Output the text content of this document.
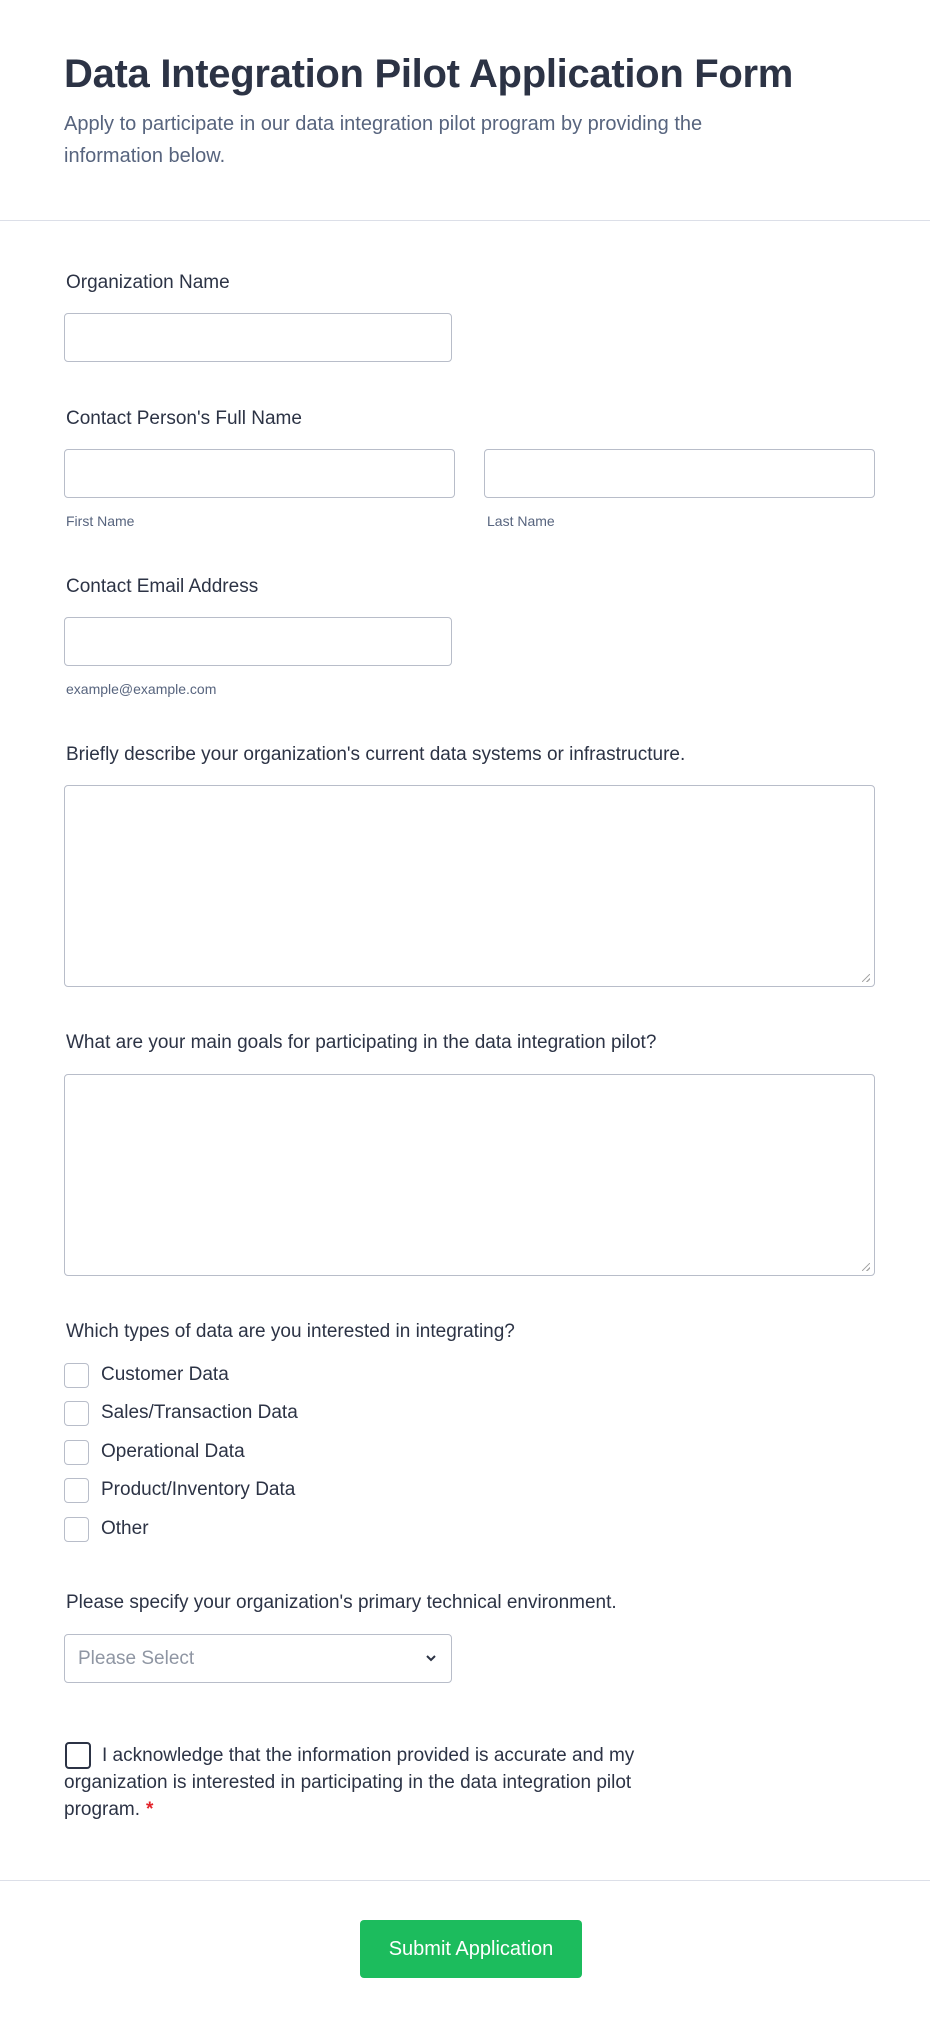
Data Integration Pilot Application Form
Apply to participate in our data integration pilot program by providing the information below.
Organization Name
Contact Person's Full Name
First Name	Last Name
Contact Email Address
example@example.com
Briefly describe your organization's current data systems or infrastructure.
What are your main goals for participating in the data integration pilot?
Which types of data are you interested in integrating?
Customer Data
Sales/Transaction Data
Operational Data
Product/Inventory Data
Other
Please specify your organization's primary technical environment.
Please Select
I acknowledge that the information provided is accurate and my organization is interested in participating in the data integration pilot program. *
Submit Application
